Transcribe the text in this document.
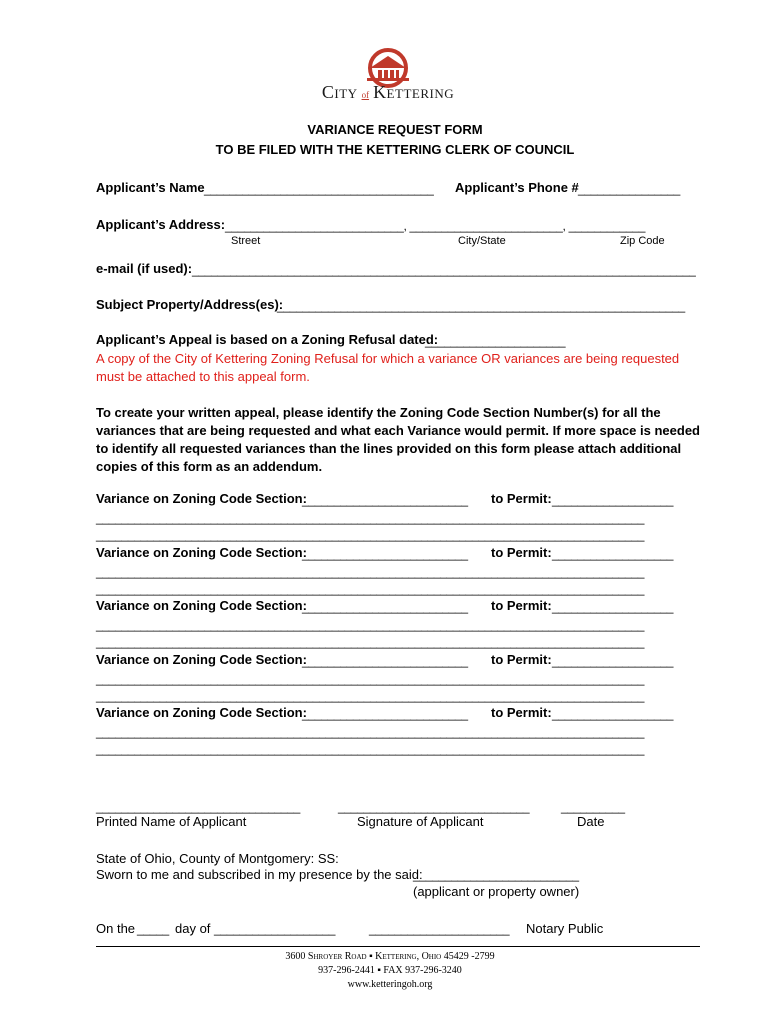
City of Kettering
VARIANCE REQUEST FORM
TO BE FILED WITH THE KETTERING CLERK OF COUNCIL
Applicant’s Name ____________________________________ Applicant’s Phone # ________________
Applicant’s Address: ____________________________, ________________________, ____________
Street	City/State	Zip Code
e-mail (if used): _______________________________________________________________________________
Subject Property/Address(es):
________________________________________________________________
Applicant’s Appeal is based on a Zoning Refusal dated:
______________________
A copy of the City of Kettering Zoning Refusal for which a variance OR variances are being requested must be attached to this appeal form.
To create your written appeal, please identify the Zoning Code Section Number(s) for all the variances that are being requested and what each Variance would permit. If more space is needed to identify all requested variances than the lines provided on this form please attach additional copies of this form as an addendum.
Variance on Zoning Code Section:
__________________________ to Permit: ___________________
______________________________________________________________________________________
______________________________________________________________________________________
Variance on Zoning Code Section:
__________________________ to Permit: ___________________
______________________________________________________________________________________
______________________________________________________________________________________
Variance on Zoning Code Section:
__________________________ to Permit: ___________________
______________________________________________________________________________________
______________________________________________________________________________________
Variance on Zoning Code Section:
__________________________ to Permit: ___________________
______________________________________________________________________________________
______________________________________________________________________________________
Variance on Zoning Code Section:
__________________________ to Permit: ___________________
______________________________________________________________________________________
______________________________________________________________________________________
________________________________	______________________________	__________
Printed Name of Applicant	Signature of Applicant	Date
State of Ohio, County of Montgomery: SS:
Sworn to me and subscribed in my presence by the said:
__________________________
(applicant or property owner)
On the _____ day of ___________________	______________________ Notary Public
3600 Shroyer Road ▪ Kettering, Ohio 45429 -2799
937-296-2441 ▪ FAX 937-296-3240
www.ketteringoh.org
